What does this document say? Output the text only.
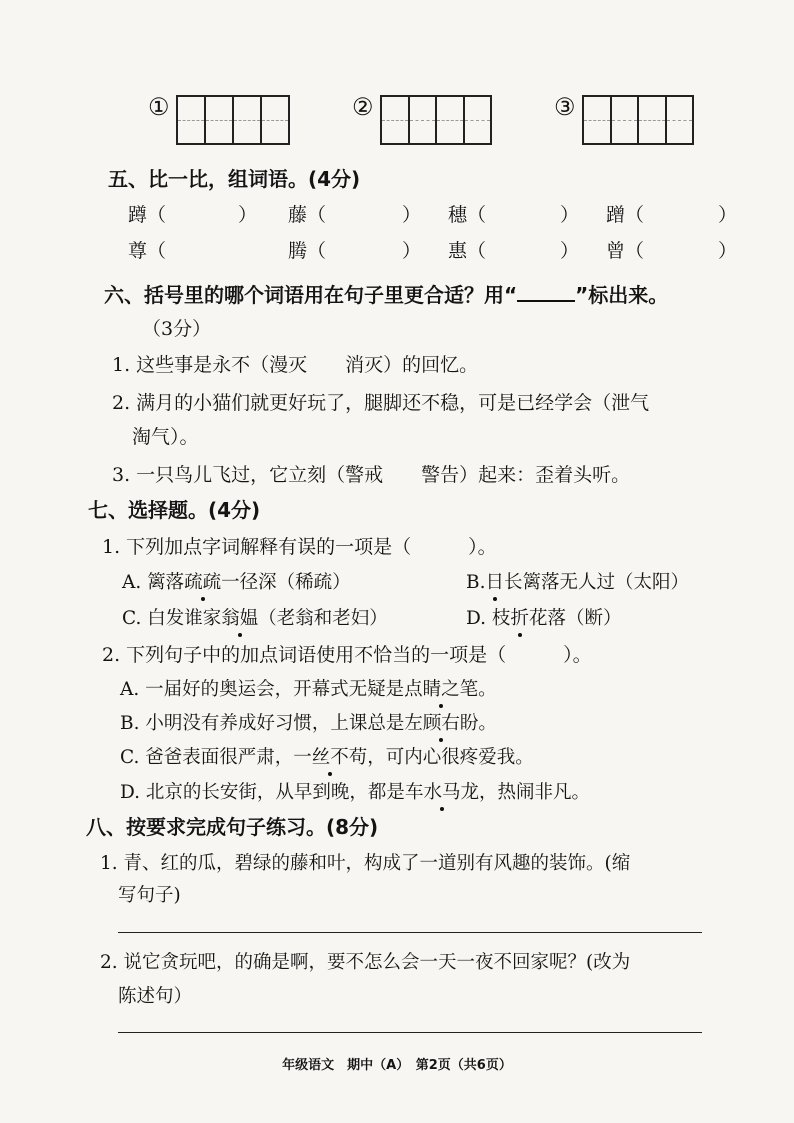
①	②	③
五、比一比，组词语。(4分)
蹲（	） 藤（	） 穗（	） 蹭（	）
尊（	腾（	） 惠（	） 曾（	）
六、括号里的哪个词语用在句子里更合适？用“	”标出来。
（3分）
1. 这些事是永不（漫灭　　消灭）的回忆。
2. 满月的小猫们就更好玩了，腿脚还不稳，可是已经学会（泄气
淘气）。
3. 一只鸟儿飞过，它立刻（警戒　　警告）起来：歪着头听。
七、选择题。(4分)
1. 下列加点字词解释有误的一项是（　　　）。
A. 篱落疏疏一径深（稀疏）	B.日长篱落无人过（太阳）
C. 白发谁家翁媪（老翁和老妇）	D. 枝折花落（断）
2. 下列句子中的加点词语使用不恰当的一项是（　　　）。
A. 一届好的奥运会，开幕式无疑是点睛之笔。
B. 小明没有养成好习惯，上课总是左顾右盼。
C. 爸爸表面很严肃，一丝不苟，可内心很疼爱我。
D. 北京的长安街，从早到晚，都是车水马龙，热闹非凡。
八、按要求完成句子练习。(8分)
1. 青、红的瓜，碧绿的藤和叶，构成了一道别有风趣的装饰。(缩
写句子)
2. 说它贪玩吧，的确是啊，要不怎么会一天一夜不回家呢？(改为
陈述句）
年级语文　期中（A）　第2页（共6页）
